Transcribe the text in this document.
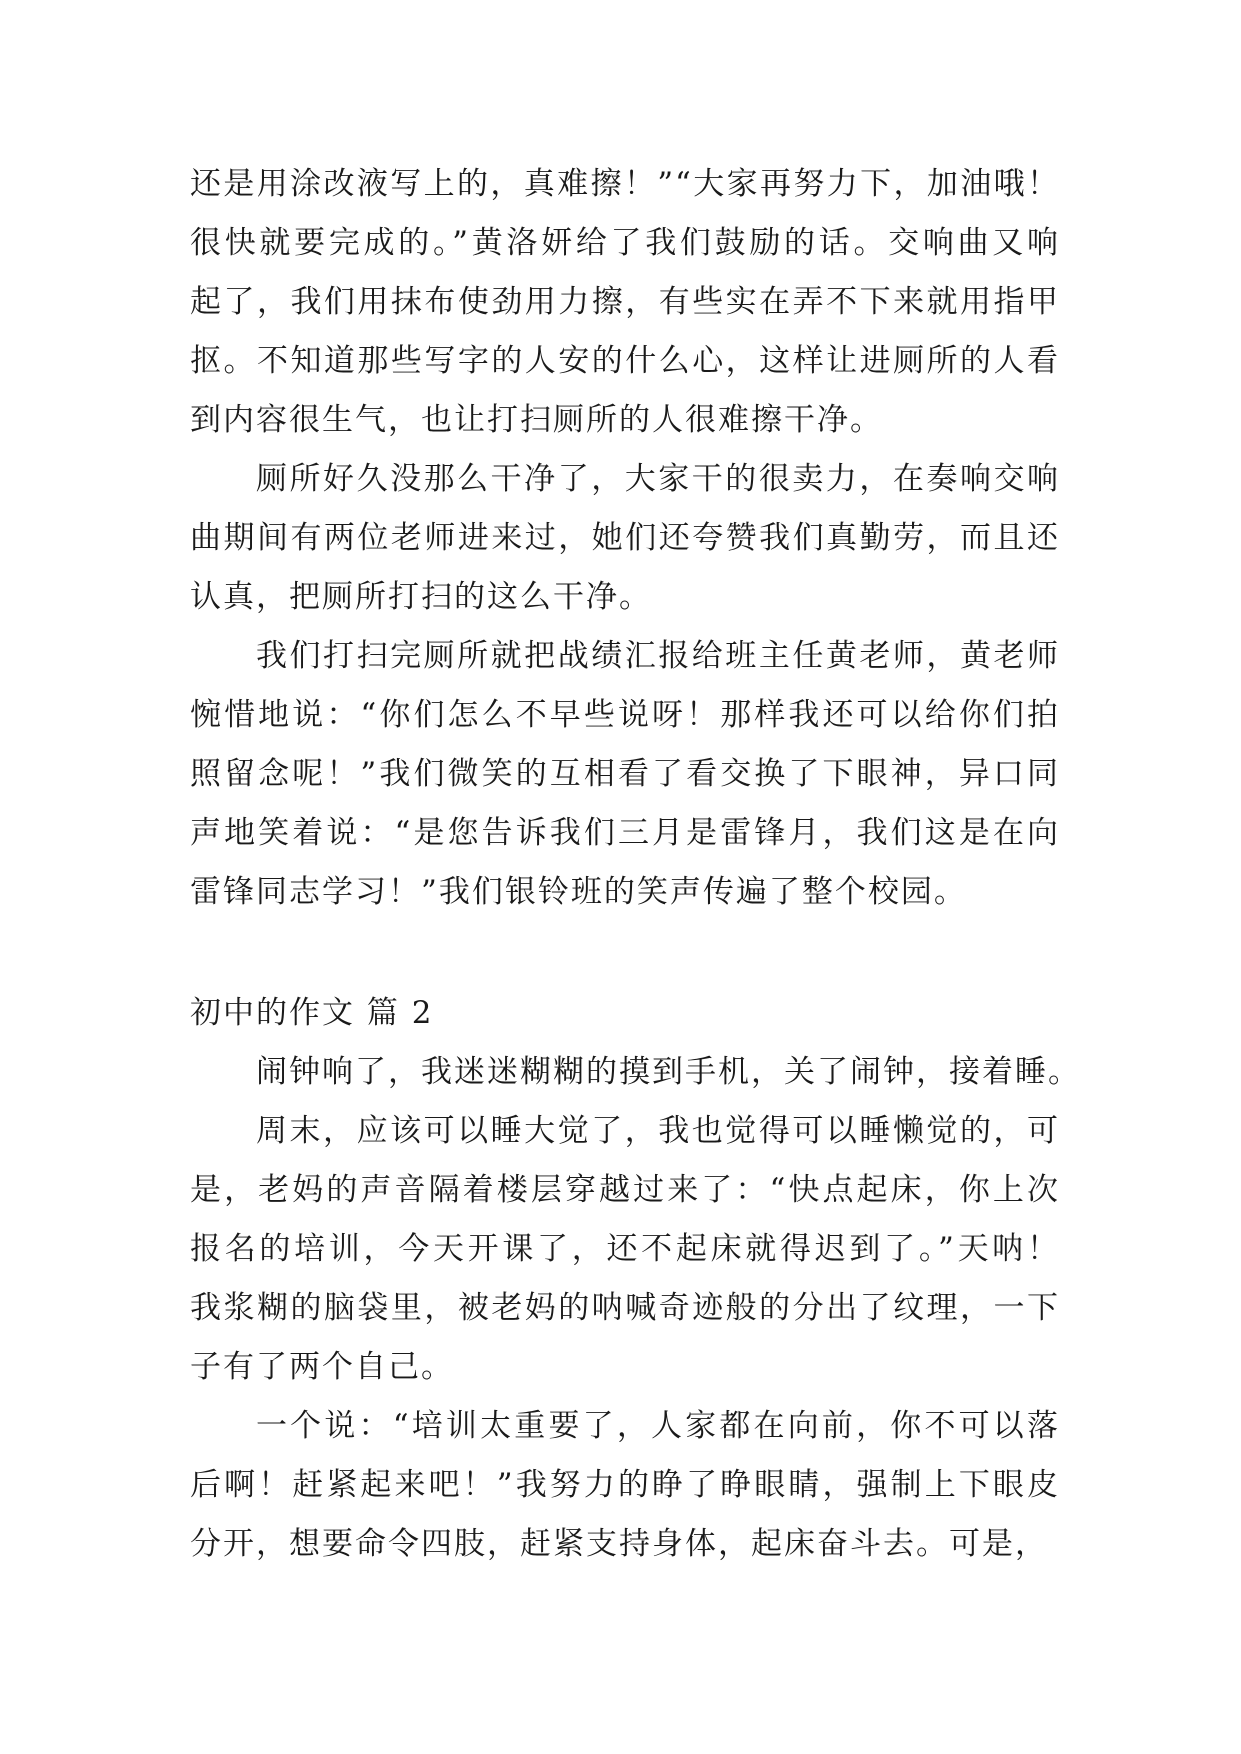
还是用涂改液写上的，真难擦！”“大家再努力下，加油哦！
很快就要完成的。”黄洛妍给了我们鼓励的话。交响曲又响
起了，我们用抹布使劲用力擦，有些实在弄不下来就用指甲
抠。不知道那些写字的人安的什么心，这样让进厕所的人看
到内容很生气，也让打扫厕所的人很难擦干净。
厕所好久没那么干净了，大家干的很卖力，在奏响交响
曲期间有两位老师进来过，她们还夸赞我们真勤劳，而且还
认真，把厕所打扫的这么干净。
我们打扫完厕所就把战绩汇报给班主任黄老师，黄老师
惋惜地说：“你们怎么不早些说呀！那样我还可以给你们拍
照留念呢！”我们微笑的互相看了看交换了下眼神，异口同
声地笑着说：“是您告诉我们三月是雷锋月，我们这是在向
雷锋同志学习！”我们银铃班的笑声传遍了整个校园。
初中的作文 篇 2
闹钟响了，我迷迷糊糊的摸到手机，关了闹钟，接着睡。
周末，应该可以睡大觉了，我也觉得可以睡懒觉的，可
是，老妈的声音隔着楼层穿越过来了：“快点起床，你上次
报名的培训，今天开课了，还不起床就得迟到了。”天呐！
我浆糊的脑袋里，被老妈的呐喊奇迹般的分出了纹理，一下
子有了两个自己。
一个说：“培训太重要了，人家都在向前，你不可以落
后啊！赶紧起来吧！”我努力的睁了睁眼睛，强制上下眼皮
分开，想要命令四肢，赶紧支持身体，起床奋斗去。可是，
